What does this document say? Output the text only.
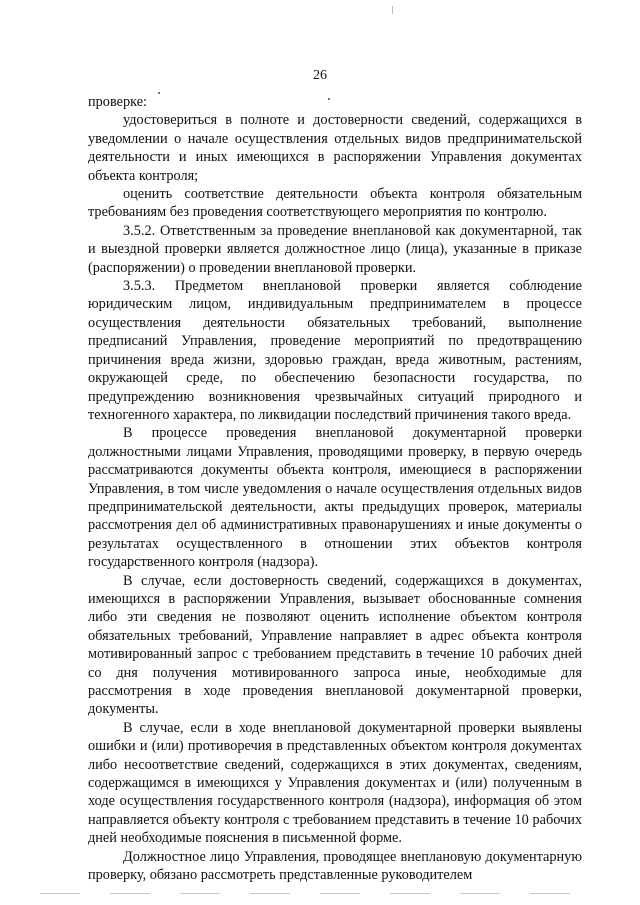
26

проверке:

удостовериться в полноте и достоверности сведений, содержащихся в уведомлении о начале осуществления отдельных видов предпринимательской деятельности и иных имеющихся в распоряжении Управления документах объекта контроля;

оценить соответствие деятельности объекта контроля обязательным требованиям без проведения соответствующего мероприятия по контролю.

3.5.2. Ответственным за проведение внеплановой как документарной, так и выездной проверки является должностное лицо (лица), указанные в приказе (распоряжении) о проведении внеплановой проверки.

3.5.3. Предметом внеплановой проверки является соблюдение юридическим лицом, индивидуальным предпринимателем в процессе осуществления деятельности обязательных требований, выполнение предписаний Управления, проведение мероприятий по предотвращению причинения вреда жизни, здоровью граждан, вреда животным, растениям, окружающей среде, по обеспечению безопасности государства, по предупреждению возникновения чрезвычайных ситуаций природного и техногенного характера, по ликвидации последствий причинения такого вреда.

В процессе проведения внеплановой документарной проверки должностными лицами Управления, проводящими проверку, в первую очередь рассматриваются документы объекта контроля, имеющиеся в распоряжении Управления, в том числе уведомления о начале осуществления отдельных видов предпринимательской деятельности, акты предыдущих проверок, материалы рассмотрения дел об административных правонарушениях и иные документы о результатах осуществленного в отношении этих объектов контроля государственного контроля (надзора).

В случае, если достоверность сведений, содержащихся в документах, имеющихся в распоряжении Управления, вызывает обоснованные сомнения либо эти сведения не позволяют оценить исполнение объектом контроля обязательных требований, Управление направляет в адрес объекта контроля мотивированный запрос с требованием представить в течение 10 рабочих дней со дня получения мотивированного запроса иные, необходимые для рассмотрения в ходе проведения внеплановой документарной проверки, документы.

В случае, если в ходе внеплановой документарной проверки выявлены ошибки и (или) противоречия в представленных объектом контроля документах либо несоответствие сведений, содержащихся в этих документах, сведениям, содержащимся в имеющихся у Управления документах и (или) полученным в ходе осуществления государственного контроля (надзора), информация об этом направляется объекту контроля с требованием представить в течение 10 рабочих дней необходимые пояснения в письменной форме.

Должностное лицо Управления, проводящее внеплановую документарную проверку, обязано рассмотреть представленные руководителем
